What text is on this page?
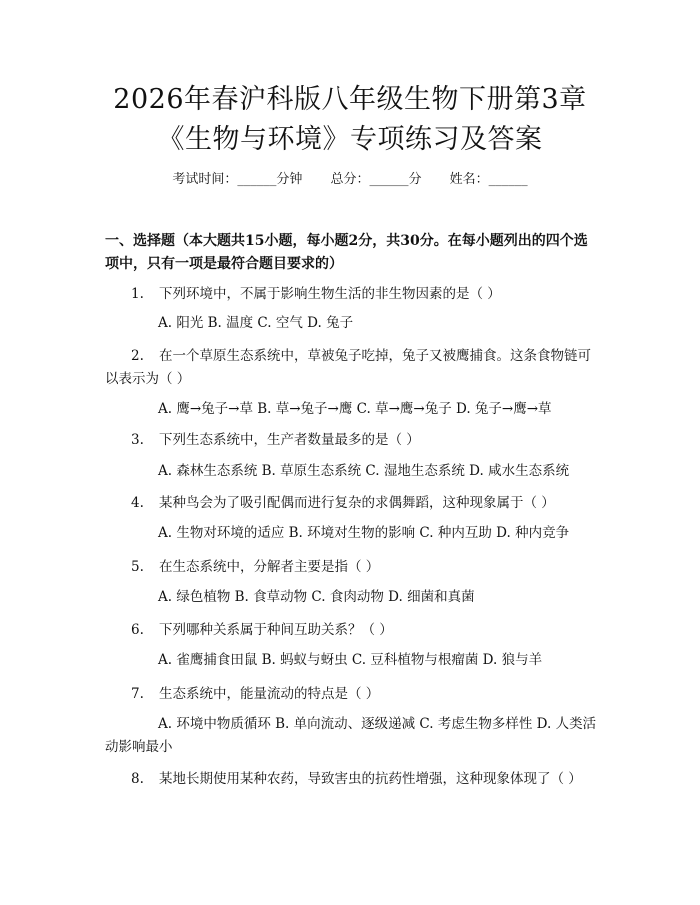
2026年春沪科版八年级生物下册第3章《生物与环境》专项练习及答案
考试时间：______分钟 总分：______分 姓名：______
一、选择题（本大题共15小题，每小题2分，共30分。在每小题列出的四个选项中，只有一项是最符合题目要求的）
1. 下列环境中，不属于影响生物生活的非生物因素的是（ ）
A. 阳光 B. 温度 C. 空气 D. 兔子
2. 在一个草原生态系统中，草被兔子吃掉，兔子又被鹰捕食。这条食物链可以表示为（ ）
A. 鹰→兔子→草 B. 草→兔子→鹰 C. 草→鹰→兔子 D. 兔子→鹰→草
3. 下列生态系统中，生产者数量最多的是（ ）
A. 森林生态系统 B. 草原生态系统 C. 湿地生态系统 D. 咸水生态系统
4. 某种鸟会为了吸引配偶而进行复杂的求偶舞蹈，这种现象属于（ ）
A. 生物对环境的适应 B. 环境对生物的影响 C. 种内互助 D. 种内竞争
5. 在生态系统中，分解者主要是指（ ）
A. 绿色植物 B. 食草动物 C. 食肉动物 D. 细菌和真菌
6. 下列哪种关系属于种间互助关系？（ ）
A. 雀鹰捕食田鼠 B. 蚂蚁与蚜虫 C. 豆科植物与根瘤菌 D. 狼与羊
7. 生态系统中，能量流动的特点是（ ）
A. 环境中物质循环 B. 单向流动、逐级递减 C. 考虑生物多样性 D. 人类活动影响最小
8. 某地长期使用某种农药，导致害虫的抗药性增强，这种现象体现了（ ）
